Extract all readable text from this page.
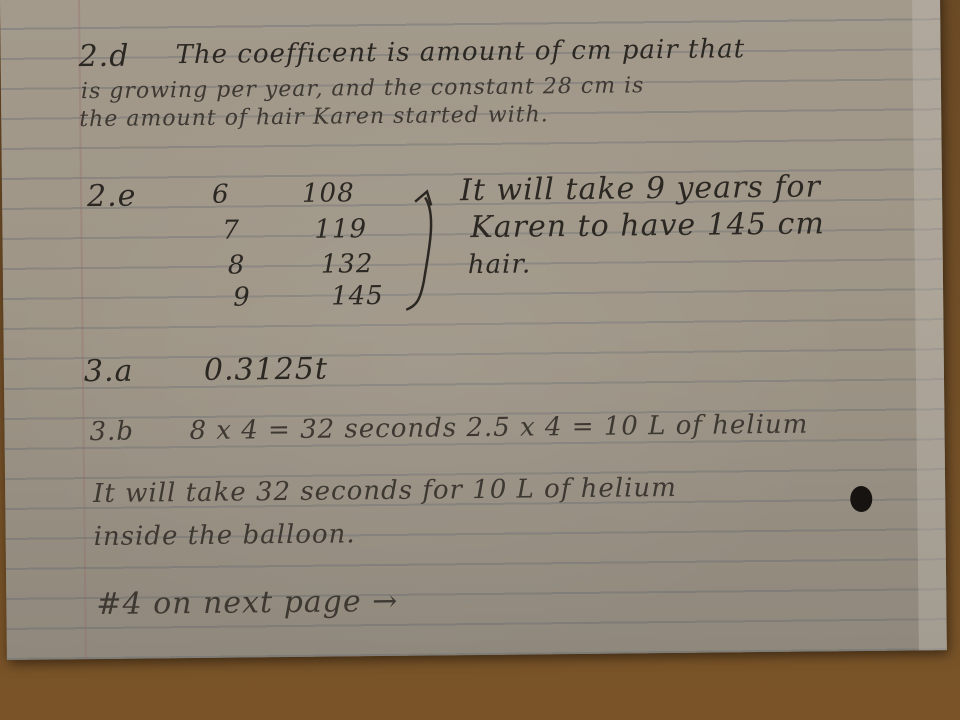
2.d The coefficent is amount of cm pair that
is growing per year, and the constant 28 cm is
the amount of hair Karen started with.
2.e	6
7
8
9
108
119
132
145
It will take 9 years for
Karen to have 145 cm
hair.
3.a 0.3125t
3.b 8 x 4 = 32 seconds 2.5 x 4 = 10 L of helium
It will take 32 seconds for 10 L of helium
inside the balloon.
#4 on next page →
